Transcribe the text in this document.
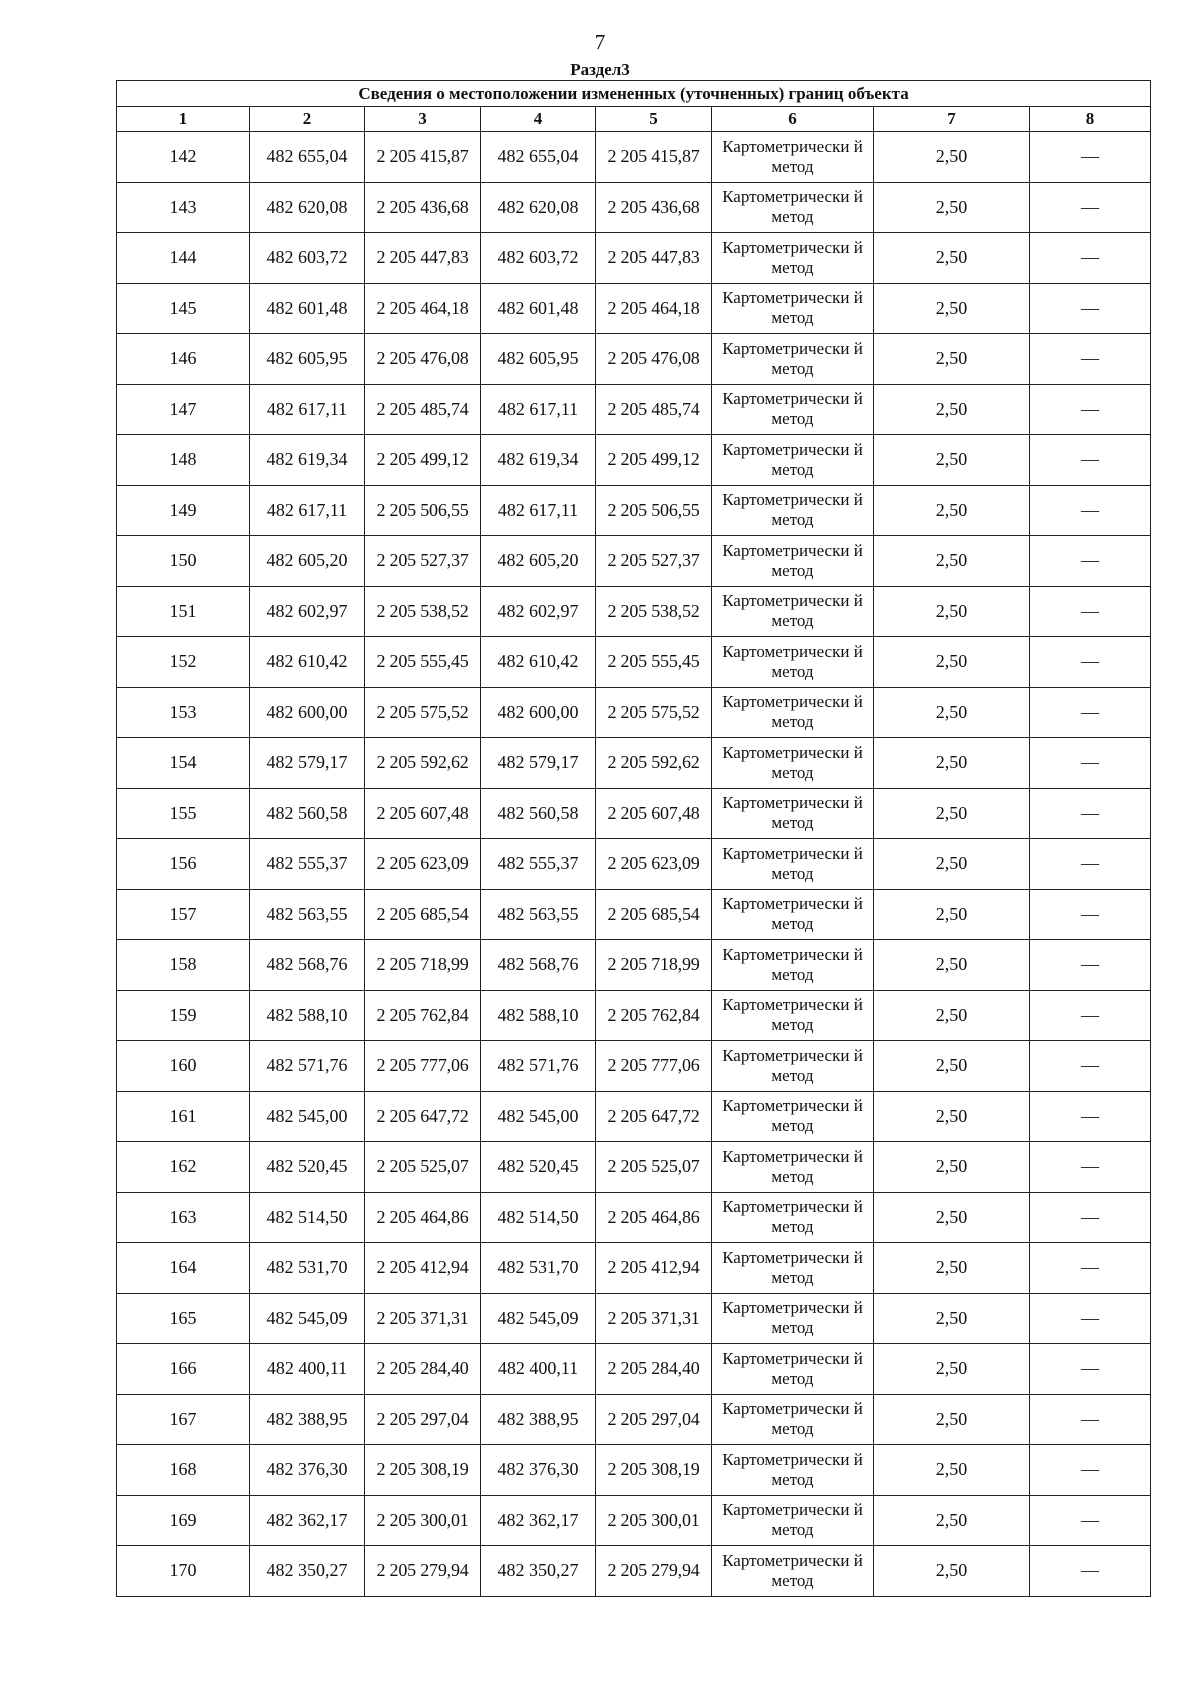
7
Раздел3
Сведения о местоположении измененных (уточненных) границ объекта							
1	2	3	4	5	6	7	8
142	482 655,04	2 205 415,87	482 655,04	2 205 415,87	Картометрически й метод	2,50	—
143	482 620,08	2 205 436,68	482 620,08	2 205 436,68	Картометрически й метод	2,50	—
144	482 603,72	2 205 447,83	482 603,72	2 205 447,83	Картометрически й метод	2,50	—
145	482 601,48	2 205 464,18	482 601,48	2 205 464,18	Картометрически й метод	2,50	—
146	482 605,95	2 205 476,08	482 605,95	2 205 476,08	Картометрически й метод	2,50	—
147	482 617,11	2 205 485,74	482 617,11	2 205 485,74	Картометрически й метод	2,50	—
148	482 619,34	2 205 499,12	482 619,34	2 205 499,12	Картометрически й метод	2,50	—
149	482 617,11	2 205 506,55	482 617,11	2 205 506,55	Картометрически й метод	2,50	—
150	482 605,20	2 205 527,37	482 605,20	2 205 527,37	Картометрически й метод	2,50	—
151	482 602,97	2 205 538,52	482 602,97	2 205 538,52	Картометрически й метод	2,50	—
152	482 610,42	2 205 555,45	482 610,42	2 205 555,45	Картометрически й метод	2,50	—
153	482 600,00	2 205 575,52	482 600,00	2 205 575,52	Картометрически й метод	2,50	—
154	482 579,17	2 205 592,62	482 579,17	2 205 592,62	Картометрически й метод	2,50	—
155	482 560,58	2 205 607,48	482 560,58	2 205 607,48	Картометрически й метод	2,50	—
156	482 555,37	2 205 623,09	482 555,37	2 205 623,09	Картометрически й метод	2,50	—
157	482 563,55	2 205 685,54	482 563,55	2 205 685,54	Картометрически й метод	2,50	—
158	482 568,76	2 205 718,99	482 568,76	2 205 718,99	Картометрически й метод	2,50	—
159	482 588,10	2 205 762,84	482 588,10	2 205 762,84	Картометрически й метод	2,50	—
160	482 571,76	2 205 777,06	482 571,76	2 205 777,06	Картометрически й метод	2,50	—
161	482 545,00	2 205 647,72	482 545,00	2 205 647,72	Картометрически й метод	2,50	—
162	482 520,45	2 205 525,07	482 520,45	2 205 525,07	Картометрически й метод	2,50	—
163	482 514,50	2 205 464,86	482 514,50	2 205 464,86	Картометрически й метод	2,50	—
164	482 531,70	2 205 412,94	482 531,70	2 205 412,94	Картометрически й метод	2,50	—
165	482 545,09	2 205 371,31	482 545,09	2 205 371,31	Картометрически й метод	2,50	—
166	482 400,11	2 205 284,40	482 400,11	2 205 284,40	Картометрически й метод	2,50	—
167	482 388,95	2 205 297,04	482 388,95	2 205 297,04	Картометрически й метод	2,50	—
168	482 376,30	2 205 308,19	482 376,30	2 205 308,19	Картометрически й метод	2,50	—
169	482 362,17	2 205 300,01	482 362,17	2 205 300,01	Картометрически й метод	2,50	—
170	482 350,27	2 205 279,94	482 350,27	2 205 279,94	Картометрически й метод	2,50	—
